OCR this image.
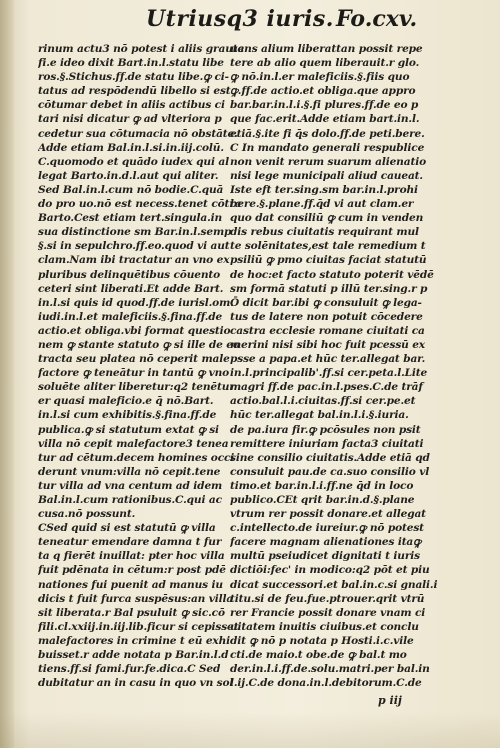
Utriusq3 iuris. Fo.cxv.
rinum actu3 nō potest i aliis grauta
fi.e ideo dixit Bart.in.l.statu libe
ros.§.Stichus.ff.de statu libe.ꝙ ci-
tatus ad respōdendū libello si est
cōtumar debet in aliis actibus ci
tari nisi dicatur ꝙ ad vlteriora p
cedetur sua cōtumacia nō obstāte.
Adde etiam Bal.in.l.si.in.iij.colū.
C.quomodo et quādo iudex qui al
legat Barto.in.d.l.aut qui aliter.
Sed Bal.in.l.cum nō bodie.C.quā
do pro uo.nō est necess.tenet cōtra
Barto.Cest etiam tert.singula.in
sua distinctione sm Bar.in.l.semp
§.si in sepulchro.ff.eo.quod vi aut
clam.Nam ibi tractatur an vno ex
pluribus delinquētibus cōuento
ceteri sint liberati.Et adde Bart.
in.l.si quis id quod.ff.de iurisl.om.
iudi.in.l.et maleficiis.§.fina.ff.de
actio.et obliga.vbi format questio
nem ꝙ stante statuto ꝙ si ille de eo
tracta seu platea nō ceperit male
factore ꝙ teneātur in tantū ꝙ vno
soluēte aliter liberetur:q2 tenētur
er quasi maleficio.e q̄ nō.Bart.
in.l.si cum exhibitis.§.fina.ff.de
publica.ꝙ si statutum extat ꝙ si
villa nō cepit malefactore3 tenea
tur ad cētum.decem homines occi
derunt vnum:villa nō cepit.tene
tur villa ad vna centum ad idem
Bal.in.l.cum rationibus.C.qui ac
cusa.nō possunt.
CSed quid si est statutū ꝙ villa
teneatur emendare damna t fur
ta q fierēt inuillat: pter hoc villa
fuit pdēnata in cētum:r post pdē
nationes fui puenit ad manus iu
dicis t fuit furca suspēsus:an villa
sit liberata.r Bal psuluit ꝙ sic.cō
fili.cl.xxiij.in.iij.lib.ficur si cepisset
malefactores in crimine t eū exhi
buisset.r adde notata p Bar.in.l.d
tiens.ff.si fami.fur.fe.dica.C Sed
dubitatur an in casu in quo vn sol
uens alium liberattan possit repe
tere ab alio quem liberauit.r glo.
ꝙ nō.in.l.er maleficiis.§.fiis quo
ꝙ.ff.de actio.et obliga.que appro
bar.bar.in.l.i.§.fi plures.ff.de eo p
que fac.erit.Adde etiam bart.in.l.
etiā.§.ite fi q̄s dolo.ff.de peti.bere.
C In mandato generali respublice
non venit rerum suarum alienatio
nisi lege municipali aliud caueat.
Iste eft ter.sing.sm bar.in.l.prohi
bere.§.plane.ff.q̄d vi aut clam.er
quo dat consiliū ꝙ cum in venden
dis rebus ciuitatis requirant mul
te solēnitates,est tale remedium t
psiliū ꝙ pmo ciuitas faciat statutū
de hoc:et facto statuto poterit vēdē
sm formā statuti p illū ter.sing.r p
Ō dicit bar.ibi ꝙ consuluit ꝙ lega-
tus de latere non potuit cōcedere
castra ecclesie romane ciuitati ca
merini nisi sibi hoc fuit pcessū ex
psse a papa.et hūc ter.allegat bar.
in.l.principalib'.ff.si cer.peta.l.Lite
magri ff.de pac.in.l.pses.C.de trāf
actio.bal.l.i.ciuitas.ff.si cer.pe.et
hūc ter.allegat bal.in.l.i.§.iuria.
de pa.iura fir.ꝙ pcōsules non psit
remittere iniuriam facta3 ciuitati
sine consilio ciuitatis.Adde etiā qd
consuluit pau.de ca.suo consilio vl
timo.et bar.in.l.i.ff.ne q̄d in loco
publico.CEt qrit bar.in.d.§.plane
vtrum rer possit donare.et allegat
c.intellecto.de iureiur.ꝙ nō potest
facere magnam alienationes itaꝙ
multū pseiudicet dignitati t iuris
dictiōi:fec' in modico:q2 pōt et piu
dicat successori.et bal.in.c.si gnali.i
titu.si de feu.fue.ptrouer.qrit vtrū
rer Francie possit donare vnam ci
uitatem inuitis ciuibus.et conclu
dit ꝙ nō p notata p Hosti.i.c.vile
cti.de maio.t obe.de ꝙ bal.t mo
der.in.l.i.ff.de.solu.matri.per bal.in
l.ij.C.de dona.in.l.debitorum.C.de
p iij
